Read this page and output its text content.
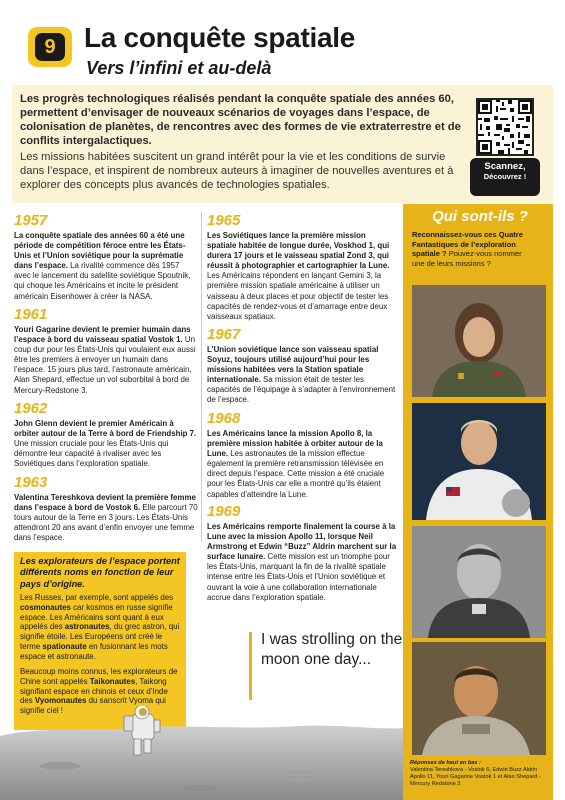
9	La conquête spatiale
Vers l’infini et au-delà
Les progrès technologiques réalisés pendant la conquête spatiale des années 60, permettent d’envisager de nouveaux scénarios de voyages dans l’espace, de colonisation de planètes, de rencontres avec des formes de vie extraterrestre et de conflits intergalactiques.
Les missions habitées suscitent un grand intérêt pour la vie et les conditions de survie dans l’espace, et inspirent de nombreux auteurs à imaginer de nouvelles aventures et à explorer des concepts plus avancés de technologies spatiales.
Scannez,
Découvrez !
1957
La conquête spatiale des années 60 a été une période de compétition féroce entre les États-Unis et l’Union soviétique pour la suprématie dans l’espace. La rivalité commence dès 1957 avec le lancement du satellite soviétique Spoutnik, qui choque les Américains et incite le président américain Eisenhower à créer la NASA.
1961
Youri Gagarine devient le premier humain dans l’espace à bord du vaisseau spatial Vostok 1. Un coup dur pour les États-Unis qui voulaient eux aussi être les premiers à envoyer un humain dans l’espace. 15 jours plus tard, l’astronaute américain, Alan Shepard, effectue un vol suborbital à bord de Mercury-Redstone 3.
1962
John Glenn devient le premier Américain à orbiter autour de la Terre à bord de Friendship 7. Une mission cruciale pour les États-Unis qui démontre leur capacité à rivaliser avec les Soviétiques dans l’exploration spatiale.
1963
Valentina Tereshkova devient la première femme dans l’espace à bord de Vostok 6. Elle parcourt 70 tours autour de la Terre en 3 jours. Les États-Unis attendront 20 ans avant d’enfin envoyer une femme dans l’espace.
1965
Les Soviétiques lance la première mission spatiale habitée de longue durée, Voskhod 1, qui durera 17 jours et le vaisseau spatial Zond 3, qui réussit à photographier et cartographier la Lune. Les Américains répondent en lançant Gemini 3, la première mission spatiale américaine à utiliser un vaisseau à deux places et pour objectif de tester les capacités de rendez-vous et d’amarrage entre deux vaisseaux spatiaux.
1967
L’Union soviétique lance son vaisseau spatial Soyuz, toujours utilisé aujourd’hui pour les missions habitées vers la Station spatiale internationale. Sa mission était de tester les capacités de l’équipage à s’adapter à l’environnement de l’espace.
1968
Les Américains lance la mission Apollo 8, la première mission habitée à orbiter autour de la Lune. Les astronautes de la mission effectue également la première retransmission télévisée en direct depuis l’espace. Cette mission a été cruciale pour les États-Unis car elle a montré qu’ils étaient capables d’atteindre la Lune.
1969
Les Américains remporte finalement la course à la Lune avec la mission Apollo 11, lorsque Neil Armstrong et Edwin “Buzz” Aldrin marchent sur la surface lunaire. Cette mission est un triomphe pour les États-Unis, marquant la fin de la rivalité spatiale intense entre les États-Unis et l’Union soviétique et ouvrant la voie à une collaboration internationale accrue dans l’exploration spatiale.
Les explorateurs de l’espace portent différents noms en fonction de leur pays d’origine.
Les Russes, par exemple, sont appelés des cosmonautes car kosmos en russe signifie espace. Les Américains sont quant à eux appelés des astronautes, du grec astron, qui signifie étoile. Les Européens ont créé le terme spationaute en fusionnant les mots espace et astronaute.
Beaucoup moins connus, les explorateurs de Chine sont appelés Taikonautes, Taikong signifiant espace en chinois et ceux d’Inde des Vyomonautes du sanscrit Vyoma qui signifie ciel !
I was strolling on the moon one day...
Qui sont-ils ?
Reconnaissez-vous ces Quatre Fantastiques de l’exploration spatiale ? Pouvez-vous nommer une de leurs missions ?
Réponses de haut en bas :
Valentina Tereshkova - Vostok 6, Edwin Buzz Aldrin Apollo 11, Youri Gagarine Vostok 1 et Alan Shepard - Mercury Redstone 3
